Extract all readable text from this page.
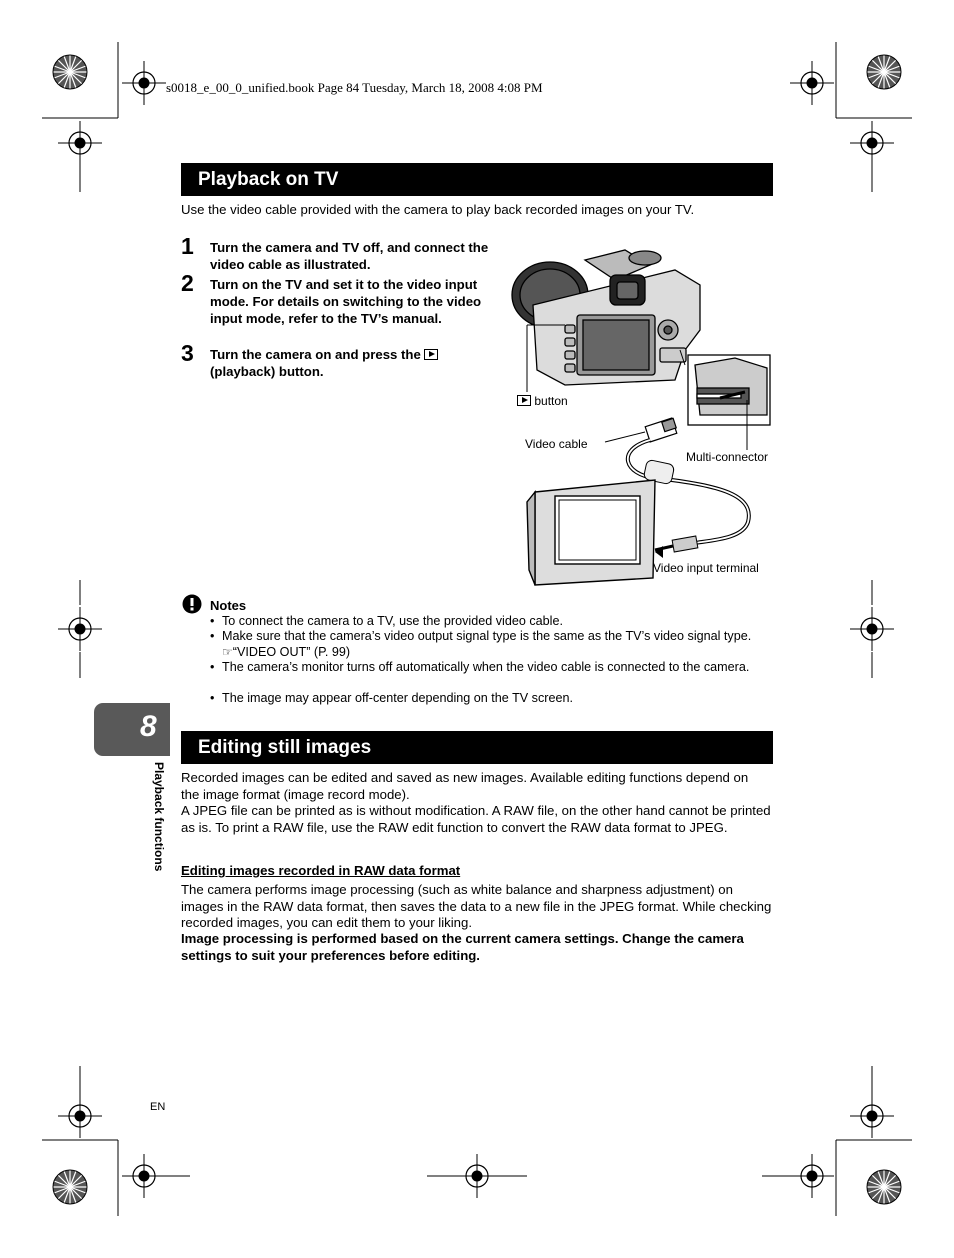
s0018_e_00_0_unified.book Page 84 Tuesday, March 18, 2008 4:08 PM
Playback on TV
Use the video cable provided with the camera to play back recorded images on your TV.
1 Turn the camera and TV off, and connect the video cable as illustrated.
2 Turn on the TV and set it to the video input mode. For details on switching to the video input mode, refer to the TV’s manual.
3 Turn the camera on and press the
(playback) button.
button
Video cable
Multi-connector
Video input terminal
Notes
• To connect the camera to a TV, use the provided video cable.
• Make sure that the camera’s video output signal type is the same as the TV’s video signal type. ☞“VIDEO OUT” (P. 99)
• The camera’s monitor turns off automatically when the video cable is connected to the camera.
• The image may appear off-center depending on the TV screen.
8
Playback functions
Editing still images
Recorded images can be edited and saved as new images. Available editing functions depend on the image format (image record mode).
A JPEG file can be printed as is without modification. A RAW file, on the other hand cannot be printed as is. To print a RAW file, use the RAW edit function to convert the RAW data format to JPEG.
Editing images recorded in RAW data format
The camera performs image processing (such as white balance and sharpness adjustment) on images in the RAW data format, then saves the data to a new file in the JPEG format. While checking recorded images, you can edit them to your liking.
Image processing is performed based on the current camera settings. Change the camera settings to suit your preferences before editing.
EN
